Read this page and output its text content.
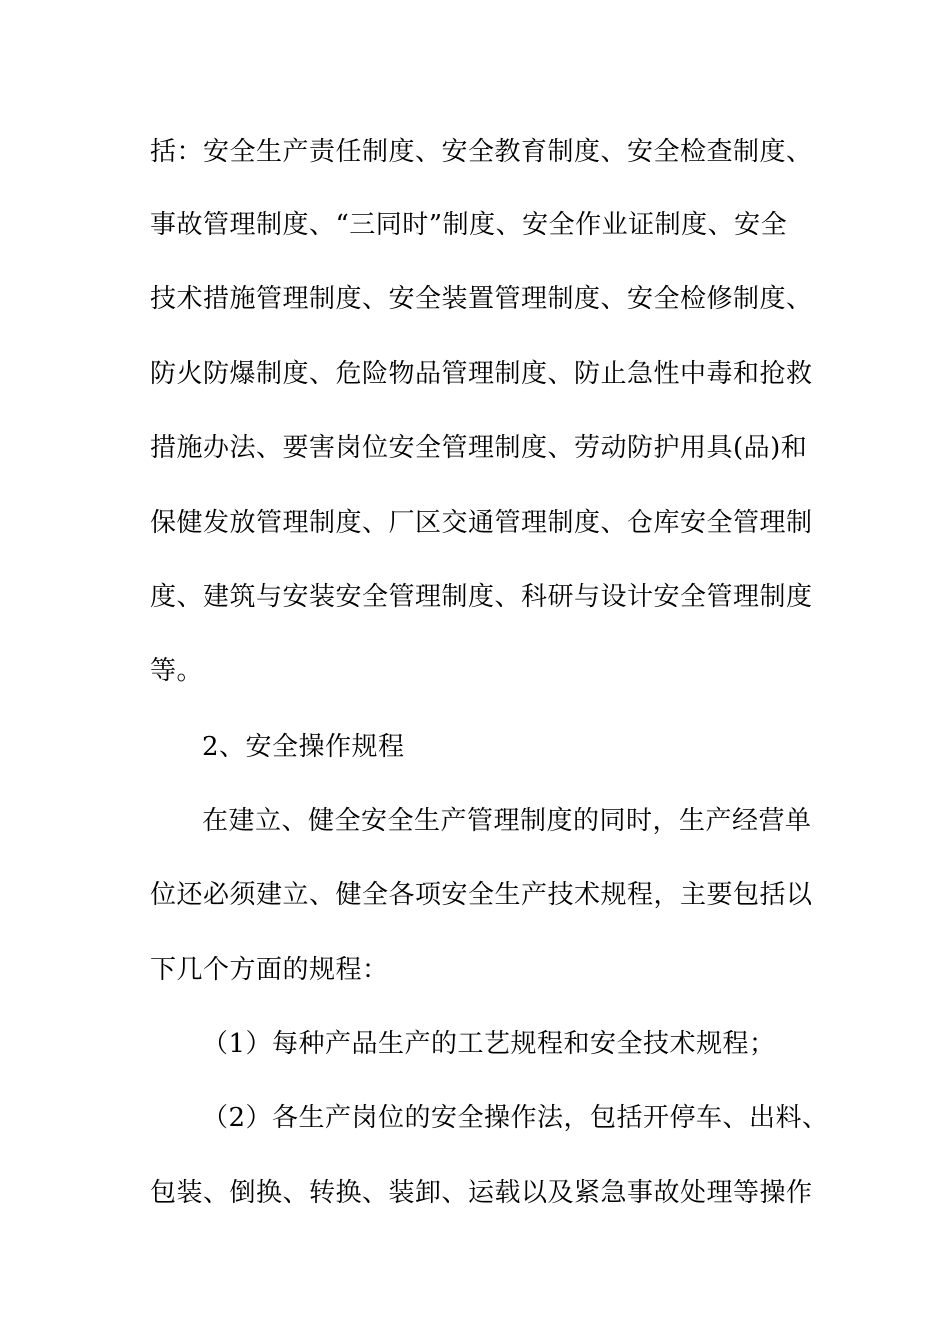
括：安全生产责任制度、安全教育制度、安全检查制度、
事故管理制度、“三同时”制度、安全作业证制度、安全
技术措施管理制度、安全装置管理制度、安全检修制度、
防火防爆制度、危险物品管理制度、防止急性中毒和抢救
措施办法、要害岗位安全管理制度、劳动防护用具(品)和
保健发放管理制度、厂区交通管理制度、仓库安全管理制
度、建筑与安装安全管理制度、科研与设计安全管理制度
等。
2、安全操作规程
在建立、健全安全生产管理制度的同时，生产经营单
位还必须建立、健全各项安全生产技术规程，主要包括以
下几个方面的规程：
（1）每种产品生产的工艺规程和安全技术规程；
（2）各生产岗位的安全操作法，包括开停车、出料、
包装、倒换、转换、装卸、运载以及紧急事故处理等操作
